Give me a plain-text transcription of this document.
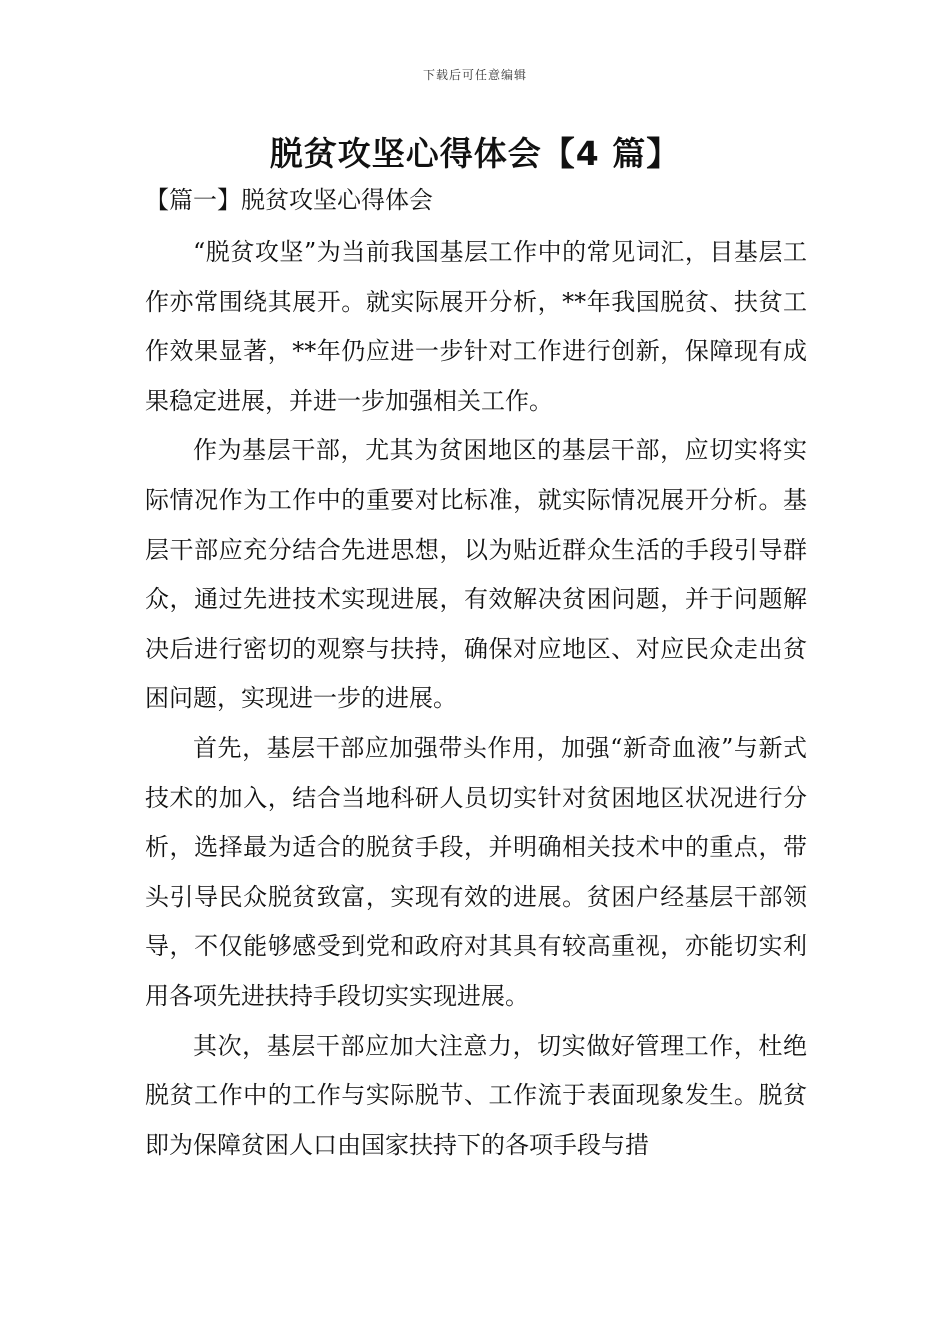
下载后可任意编辑
脱贫攻坚心得体会【4 篇】
【篇一】脱贫攻坚心得体会

“脱贫攻坚”为当前我国基层工作中的常见词汇，目基层工作亦常围绕其展开。就实际展开分析，**年我国脱贫、扶贫工作效果显著，**年仍应进一步针对工作进行创新，保障现有成果稳定进展，并进一步加强相关工作。

作为基层干部，尤其为贫困地区的基层干部，应切实将实际情况作为工作中的重要对比标准，就实际情况展开分析。基层干部应充分结合先进思想，以为贴近群众生活的手段引导群众，通过先进技术实现进展，有效解决贫困问题，并于问题解决后进行密切的观察与扶持，确保对应地区、对应民众走出贫困问题，实现进一步的进展。

首先，基层干部应加强带头作用，加强“新奇血液”与新式技术的加入，结合当地科研人员切实针对贫困地区状况进行分析，选择最为适合的脱贫手段，并明确相关技术中的重点，带头引导民众脱贫致富，实现有效的进展。贫困户经基层干部领导，不仅能够感受到党和政府对其具有较高重视，亦能切实利用各项先进扶持手段切实实现进展。

其次，基层干部应加大注意力，切实做好管理工作，杜绝脱贫工作中的工作与实际脱节、工作流于表面现象发生。脱贫即为保障贫困人口由国家扶持下的各项手段与措
